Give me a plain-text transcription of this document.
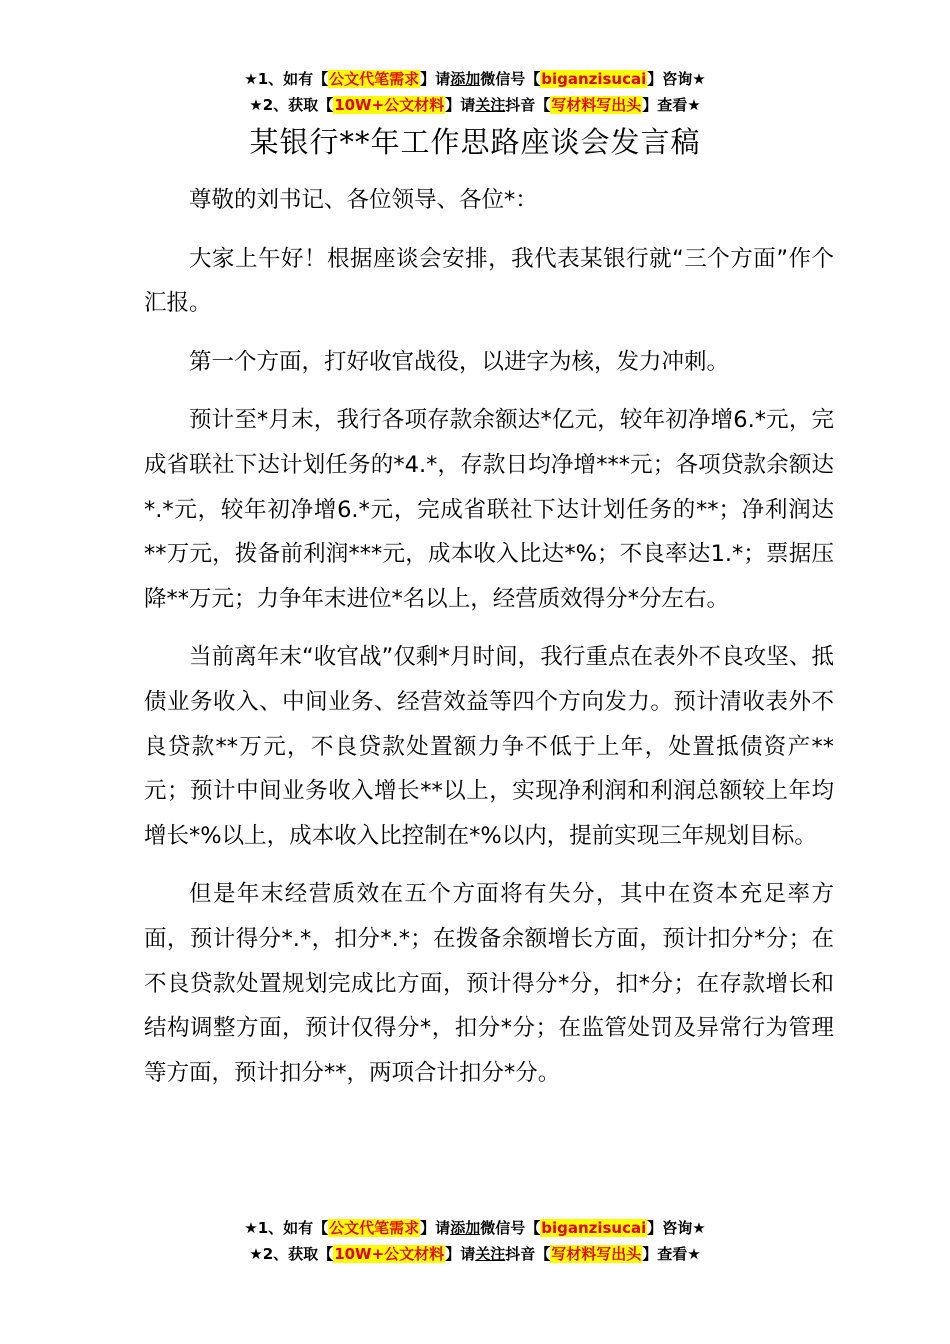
★1、如有【公文代笔需求】请添加微信号【biganzisucai】咨询★
★2、获取【10W+公文材料】请关注抖音【写材料写出头】查看★
某银行**年工作思路座谈会发言稿

尊敬的刘书记、各位领导、各位*：

大家上午好！根据座谈会安排，我代表某银行就“三个方面”作个汇报。

第一个方面，打好收官战役，以进字为核，发力冲刺。

预计至*月末，我行各项存款余额达*亿元，较年初净增6.*元，完成省联社下达计划任务的*4.*，存款日均净增***元；各项贷款余额达*.*元，较年初净增6.*元，完成省联社下达计划任务的**；净利润达**万元，拨备前利润***元，成本收入比达*%；不良率达1.*；票据压降**万元；力争年末进位*名以上，经营质效得分*分左右。

当前离年末“收官战”仅剩*月时间，我行重点在表外不良攻坚、抵债业务收入、中间业务、经营效益等四个方向发力。预计清收表外不良贷款**万元，不良贷款处置额力争不低于上年，处置抵债资产**元；预计中间业务收入增长**以上，实现净利润和利润总额较上年均增长*%以上，成本收入比控制在*%以内，提前实现三年规划目标。

但是年末经营质效在五个方面将有失分，其中在资本充足率方面，预计得分*.*，扣分*.*；在拨备余额增长方面，预计扣分*分；在不良贷款处置规划完成比方面，预计得分*分，扣*分；在存款增长和结构调整方面，预计仅得分*，扣分*分；在监管处罚及异常行为管理等方面，预计扣分**，两项合计扣分*分。

★1、如有【公文代笔需求】请添加微信号【biganzisucai】咨询★
★2、获取【10W+公文材料】请关注抖音【写材料写出头】查看★
